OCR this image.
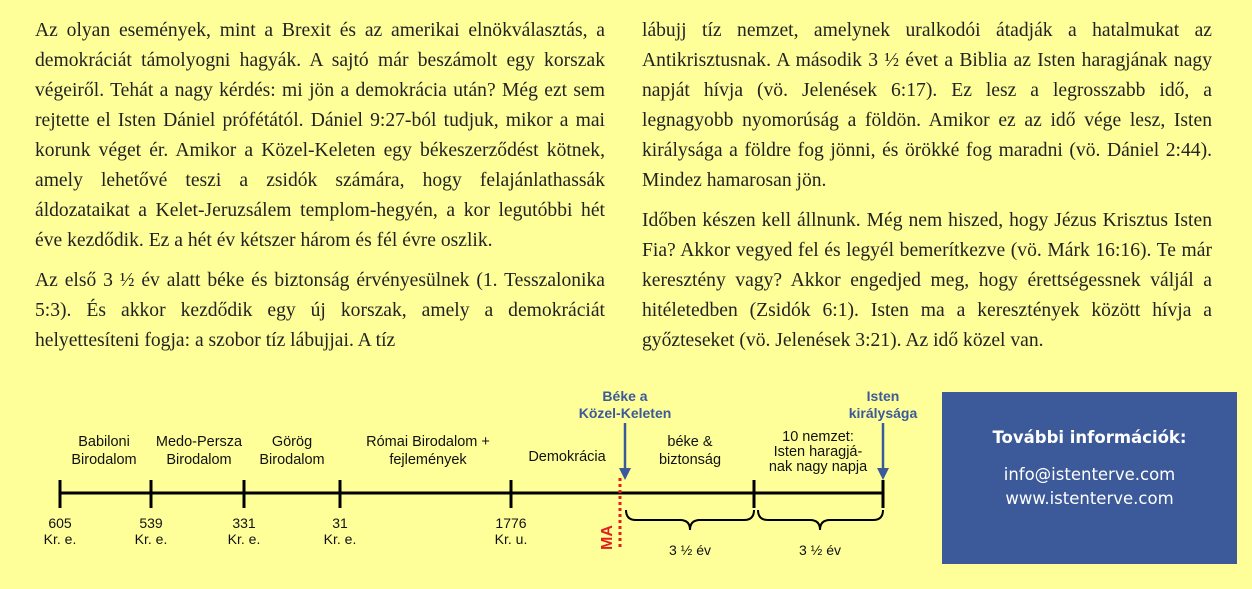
Az olyan események, mint a Brexit és az amerikai elnökválasztás, a demokráciát támolyogni hagyák. A sajtó már beszámolt egy korszak végeiről. Tehát a nagy kérdés: mi jön a demokrácia után? Még ezt sem rejtette el Isten Dániel prófétától. Dániel 9:27-ból tudjuk, mikor a mai korunk véget ér. Amikor a Közel-Keleten egy békeszerződést kötnek, amely lehetővé teszi a zsidók számára, hogy felajánlathassák áldozataikat a Kelet-Jeruzsálem templom-hegyén, a kor legutóbbi hét éve kezdődik. Ez a hét év kétszer három és fél évre oszlik.

Az első 3 ½ év alatt béke és biztonság érvényesülnek (1. Tesszalonika 5:3). És akkor kezdődik egy új korszak, amely a demokráciát helyettesíteni fogja: a szobor tíz lábujjai. A tíz

lábujj tíz nemzet, amelynek uralkodói átadják a hatalmukat az Antikrisztusnak. A második 3 ½ évet a Biblia az Isten haragjának nagy napját hívja (vö. Jelenések 6:17). Ez lesz a legrosszabb idő, a legnagyobb nyomorúság a földön. Amikor ez az idő vége lesz, Isten királysága a földre fog jönni, és örökké fog maradni (vö. Dániel 2:44). Mindez hamarosan jön.

Időben készen kell állnunk. Még nem hiszed, hogy Jézus Krisztus Isten Fia? Akkor vegyed fel és legyél bemerítkezve (vö. Márk 16:16). Te már keresztény vagy? Akkor engedjed meg, hogy érettségessnek váljál a hitéletedben (Zsidók 6:1). Isten ma a keresztények között hívja a győzteseket (vö. Jelenések 3:21). Az idő közel van.

Babiloni
Birodalom
Medo-Persza
Birodalom
Görög
Birodalom
Római Birodalom +
fejlemények	Demokrácia
béke &
biztonság
10 nemzet:
Isten haragjá-
nak nagy napja
605
Kr. e.
539
Kr. e.
331
Kr. e.
31
Kr. e.
1776
Kr. u.	MA
Béke a
Közel-Keleten
Isten
királysága
3 ½ év	3 ½ év
További információk:
info@istenterve.com
www.istenterve.com
